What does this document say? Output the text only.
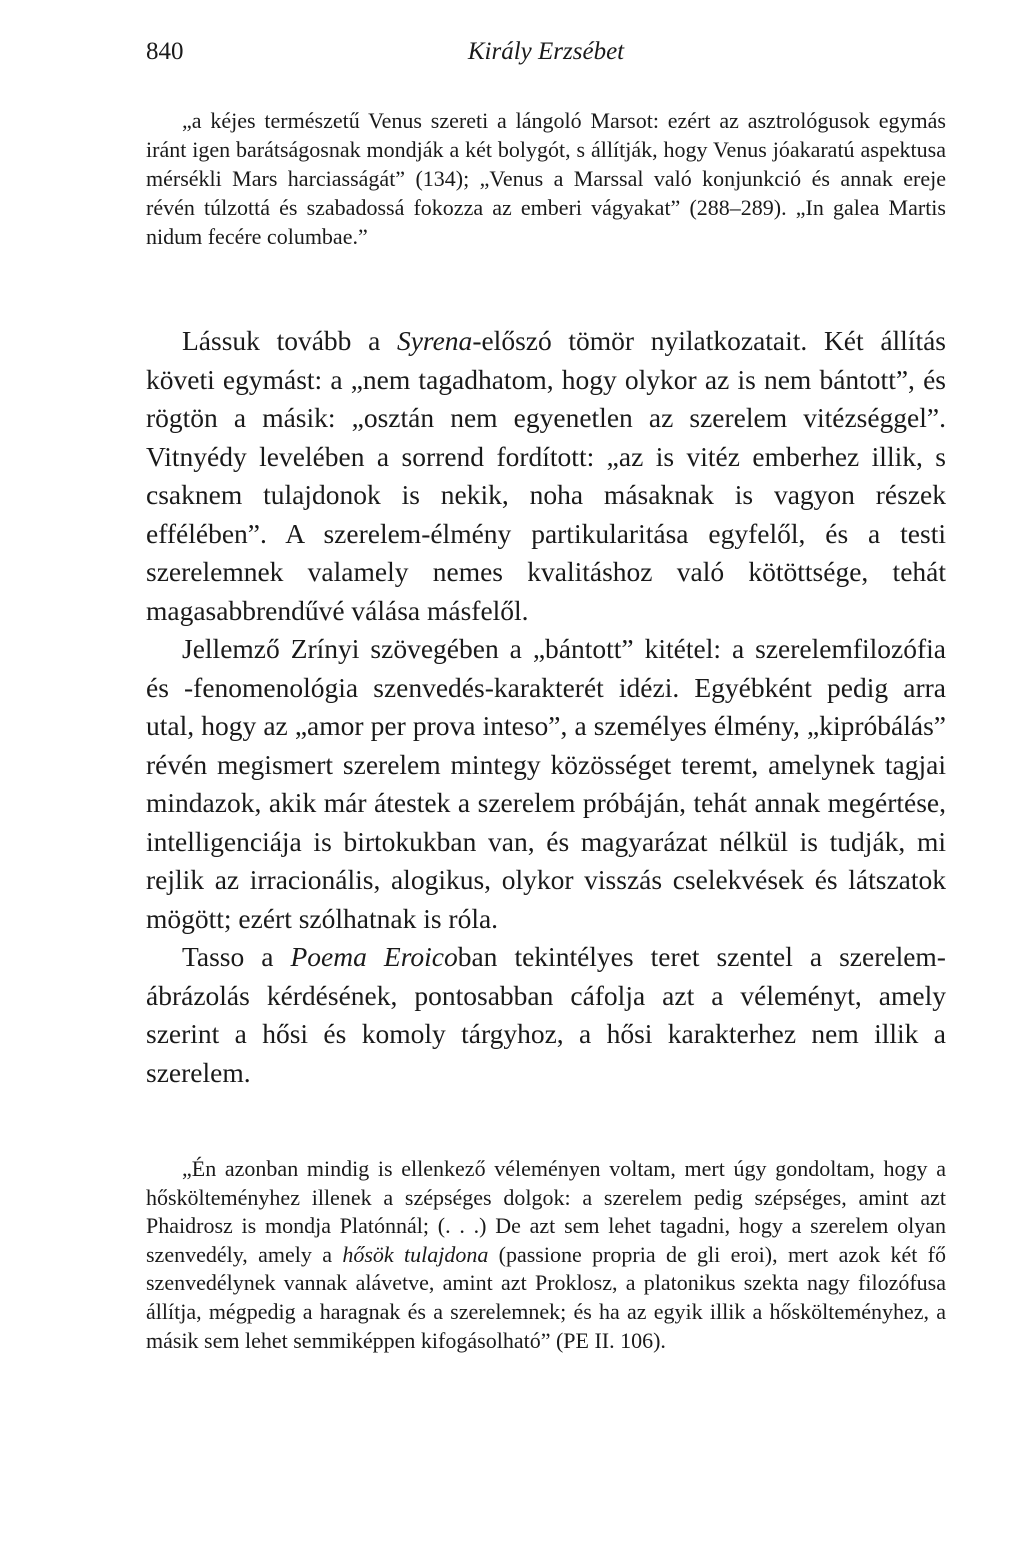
840	Király Erzsébet

„a kéjes természetű Venus szereti a lángoló Marsot: ezért az asztrológusok egymás iránt igen barátságosnak mondják a két bolygót, s állítják, hogy Venus jóakaratú aspektusa mérsékli Mars harciasságát” (134); „Venus a Marssal való konjunkció és annak ereje révén túlzottá és szabadossá fokozza az emberi vágyakat” (288–289). „In galea Martis nidum fecére columbae.”

Lássuk tovább a Syrena-előszó tömör nyilatkozatait. Két állítás követi egymást: a „nem tagadhatom, hogy olykor az is nem bántott”, és rögtön a másik: „osztán nem egyenetlen az szerelem vitézséggel”. Vitnyédy levelében a sorrend fordított: „az is vitéz emberhez illik, s csaknem tulajdonok is nekik, noha másaknak is vagyon részek effélében”. A szerelem-élmény partikularitása egyfelől, és a testi szerelemnek valamely nemes kvalitáshoz való kötöttsége, tehát magasabbrendűvé válása másfelől.

Jellemző Zrínyi szövegében a „bántott” kitétel: a szerelemfilozófia és -fenomenológia szenvedés-karakterét idézi. Egyébként pedig arra utal, hogy az „amor per prova inteso”, a személyes élmény, „kipróbálás” révén megismert szerelem mintegy közösséget teremt, amelynek tagjai mindazok, akik már átestek a szerelem próbáján, tehát annak megértése, intelligenciája is birtokukban van, és magyarázat nélkül is tudják, mi rejlik az irracionális, alogikus, olykor visszás cselekvések és látszatok mögött; ezért szólhatnak is róla.

Tasso a Poema Eroicoban tekintélyes teret szentel a szerelem-ábrázolás kérdésének, pontosabban cáfolja azt a véleményt, amely szerint a hősi és komoly tárgyhoz, a hősi karakterhez nem illik a szerelem.

„Én azonban mindig is ellenkező véleményen voltam, mert úgy gondoltam, hogy a hőskölteményhez illenek a szépséges dolgok: a szerelem pedig szépséges, amint azt Phaidrosz is mondja Platónnál; (. . .) De azt sem lehet tagadni, hogy a szerelem olyan szenvedély, amely a hősök tulajdona (passione propria de gli eroi), mert azok két fő szenvedélynek vannak alávetve, amint azt Proklosz, a platonikus szekta nagy filozófusa állítja, mégpedig a haragnak és a szerelemnek; és ha az egyik illik a hőskölteményhez, a másik sem lehet semmiképpen kifogásolható” (PE II. 106).
